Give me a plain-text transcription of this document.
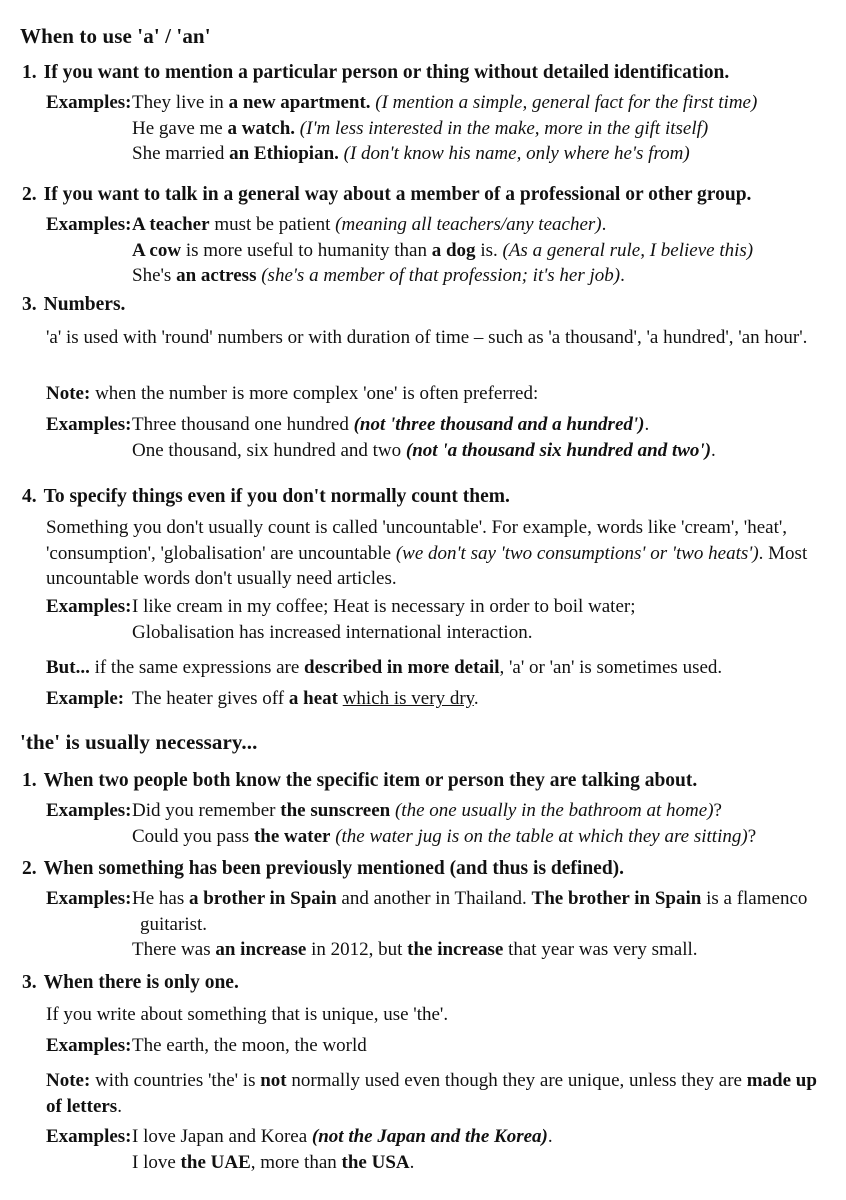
When to use 'a' / 'an'
1. If you want to mention a particular person or thing without detailed identification.
Examples: They live in a new apartment. (I mention a simple, general fact for the first time)
He gave me a watch. (I'm less interested in the make, more in the gift itself)
She married an Ethiopian. (I don't know his name, only where he's from)
2. If you want to talk in a general way about a member of a professional or other group.
Examples: A teacher must be patient (meaning all teachers/any teacher).
A cow is more useful to humanity than a dog is. (As a general rule, I believe this)
She's an actress (she's a member of that profession; it's her job).
3. Numbers.
'a' is used with 'round' numbers or with duration of time – such as 'a thousand', 'a hundred', 'an hour'.
Note: when the number is more complex 'one' is often preferred:
Examples: Three thousand one hundred (not 'three thousand and a hundred').
One thousand, six hundred and two (not 'a thousand six hundred and two').
4. To specify things even if you don't normally count them.
Something you don't usually count is called 'uncountable'. For example, words like 'cream', 'heat', 'consumption', 'globalisation' are uncountable (we don't say 'two consumptions' or 'two heats'). Most uncountable words don't usually need articles.
Examples: I like cream in my coffee; Heat is necessary in order to boil water;
Globalisation has increased international interaction.
But... if the same expressions are described in more detail, 'a' or 'an' is sometimes used.
Example: The heater gives off a heat which is very dry.
'the' is usually necessary...
1. When two people both know the specific item or person they are talking about.
Examples: Did you remember the sunscreen (the one usually in the bathroom at home)?
Could you pass the water (the water jug is on the table at which they are sitting)?
2. When something has been previously mentioned (and thus is defined).
Examples: He has a brother in Spain and another in Thailand. The brother in Spain is a flamenco
guitarist.
There was an increase in 2012, but the increase that year was very small.
3. When there is only one.
If you write about something that is unique, use 'the'.
Examples: The earth, the moon, the world
Note: with countries 'the' is not normally used even though they are unique, unless they are made up of letters.
Examples: I love Japan and Korea (not the Japan and the Korea).
I love the UAE, more than the USA.
